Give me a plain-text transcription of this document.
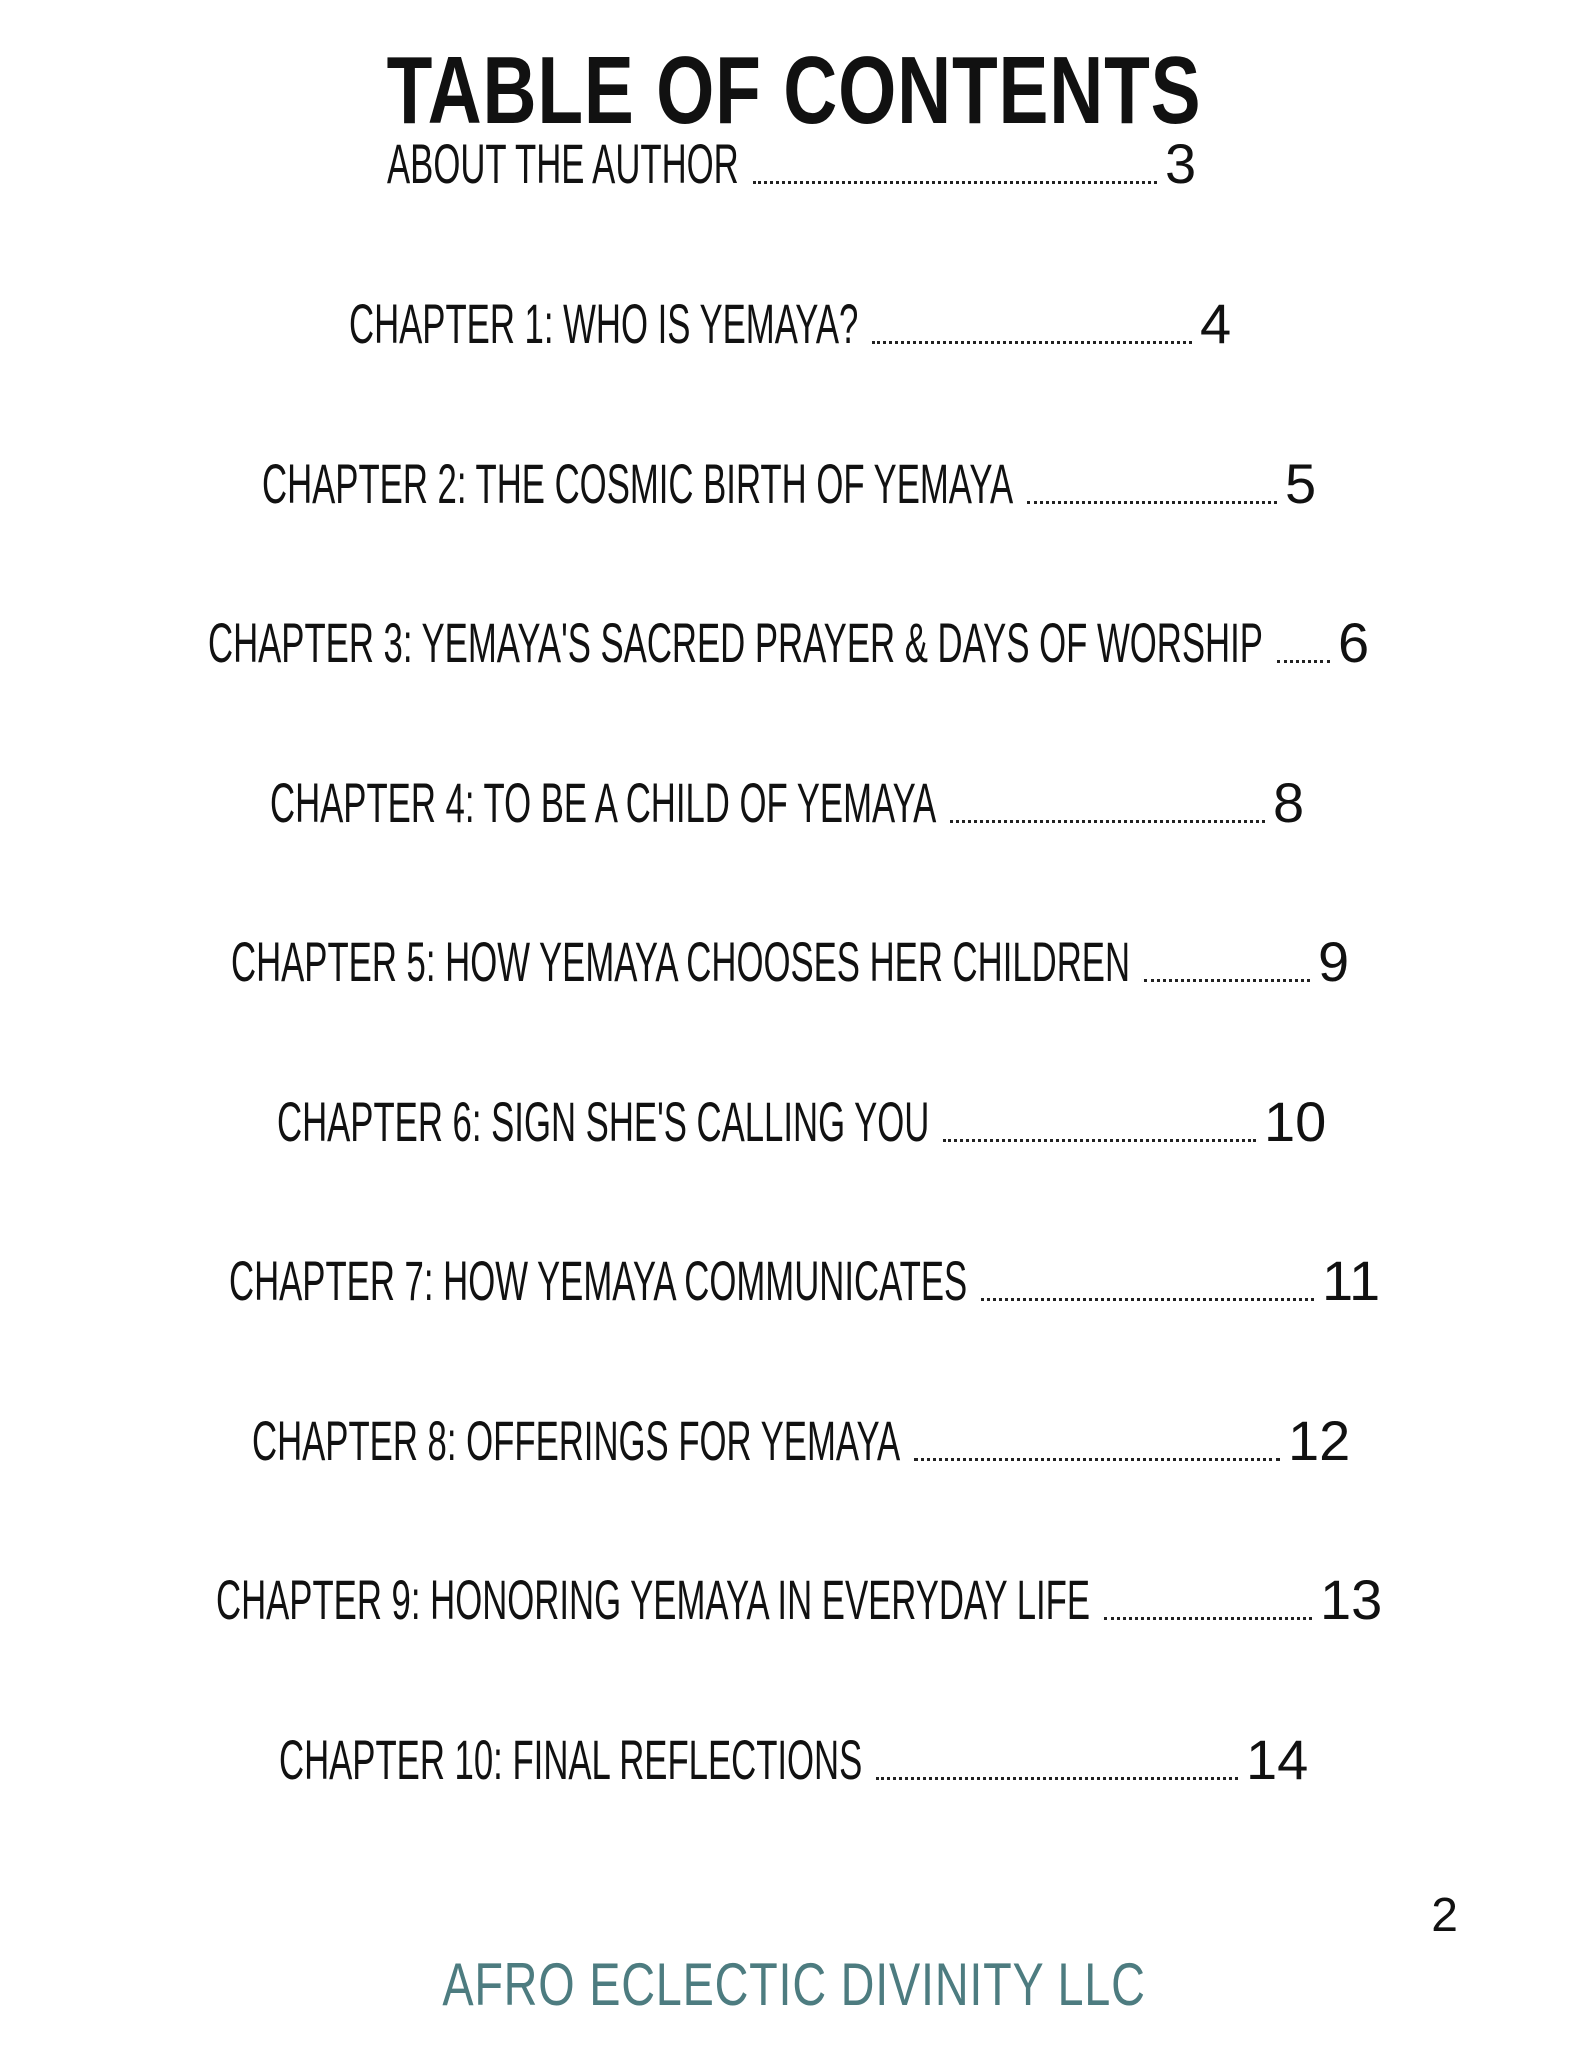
TABLE OF CONTENTS
ABOUT THE AUTHOR	3
CHAPTER 1: WHO IS YEMAYA?	4
CHAPTER 2: THE COSMIC BIRTH OF YEMAYA	5
CHAPTER 3: YEMAYA'S SACRED PRAYER & DAYS OF WORSHIP 6
CHAPTER 4: TO BE A CHILD OF YEMAYA	8
CHAPTER 5: HOW YEMAYA CHOOSES HER CHILDREN	9
CHAPTER 6: SIGN SHE'S CALLING YOU	10
CHAPTER 7: HOW YEMAYA COMMUNICATES	11
CHAPTER 8: OFFERINGS FOR YEMAYA	12
CHAPTER 9: HONORING YEMAYA IN EVERYDAY LIFE	13
CHAPTER 10: FINAL REFLECTIONS	14
2
AFRO ECLECTIC DIVINITY LLC
